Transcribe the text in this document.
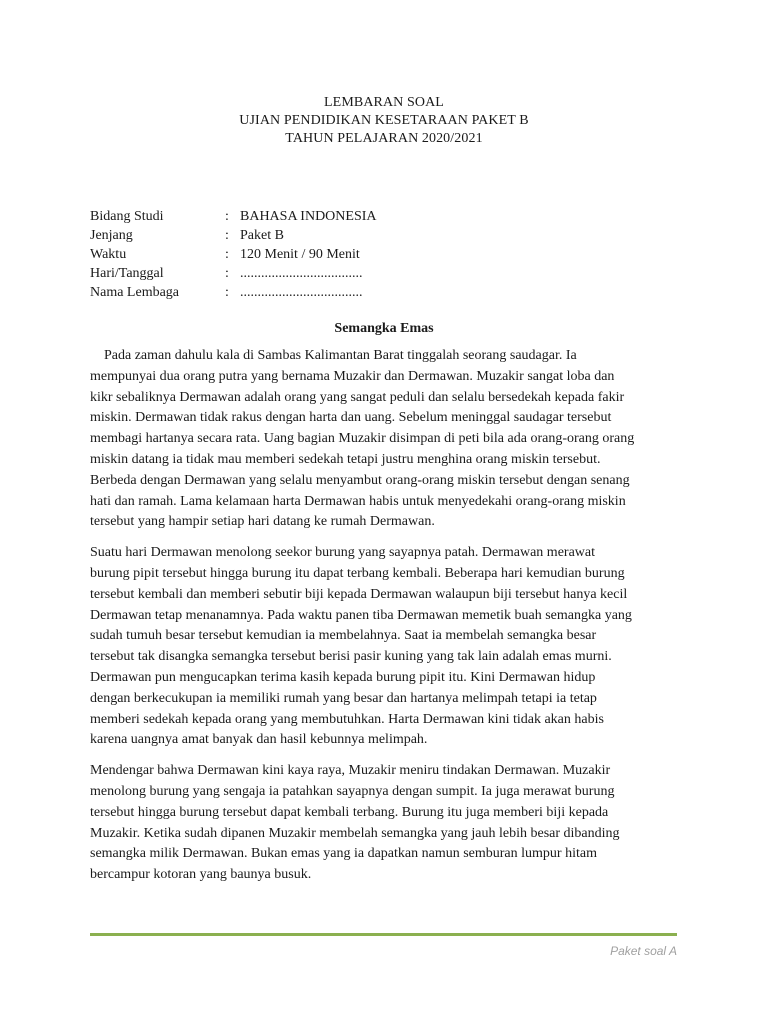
LEMBARAN SOAL
UJIAN PENDIDIKAN KESETARAAN PAKET B
TAHUN PELAJARAN 2020/2021
Bidang Studi	: BAHASA INDONESIA
Jenjang	: Paket B
Waktu	: 120 Menit / 90 Menit
Hari/Tanggal	: ...................................
Nama Lembaga	: ...................................
Semangka Emas

Pada zaman dahulu kala di Sambas Kalimantan Barat tinggalah seorang saudagar. Ia
mempunyai dua orang putra yang bernama Muzakir dan Dermawan. Muzakir sangat loba dan
kikr sebaliknya Dermawan adalah orang yang sangat peduli dan selalu bersedekah kepada fakir
miskin. Dermawan tidak rakus dengan harta dan uang. Sebelum meninggal saudagar tersebut
membagi hartanya secara rata. Uang bagian Muzakir disimpan di peti bila ada orang-orang orang
miskin datang ia tidak mau memberi sedekah tetapi justru menghina orang miskin tersebut.
Berbeda dengan Dermawan yang selalu menyambut orang-orang miskin tersebut dengan senang
hati dan ramah. Lama kelamaan harta Dermawan habis untuk menyedekahi orang-orang miskin
tersebut yang hampir setiap hari datang ke rumah Dermawan.

Suatu hari Dermawan menolong seekor burung yang sayapnya patah. Dermawan merawat
burung pipit tersebut hingga burung itu dapat terbang kembali. Beberapa hari kemudian burung
tersebut kembali dan memberi sebutir biji kepada Dermawan walaupun biji tersebut hanya kecil
Dermawan tetap menanamnya. Pada waktu panen tiba Dermawan memetik buah semangka yang
sudah tumuh besar tersebut kemudian ia membelahnya. Saat ia membelah semangka besar
tersebut tak disangka semangka tersebut berisi pasir kuning yang tak lain adalah emas murni.
Dermawan pun mengucapkan terima kasih kepada burung pipit itu. Kini Dermawan hidup
dengan berkecukupan ia memiliki rumah yang besar dan hartanya melimpah tetapi ia tetap
memberi sedekah kepada orang yang membutuhkan. Harta Dermawan kini tidak akan habis
karena uangnya amat banyak dan hasil kebunnya melimpah.

Mendengar bahwa Dermawan kini kaya raya, Muzakir meniru tindakan Dermawan. Muzakir
menolong burung yang sengaja ia patahkan sayapnya dengan sumpit. Ia juga merawat burung
tersebut hingga burung tersebut dapat kembali terbang. Burung itu juga memberi biji kepada
Muzakir. Ketika sudah dipanen Muzakir membelah semangka yang jauh lebih besar dibanding
semangka milik Dermawan. Bukan emas yang ia dapatkan namun semburan lumpur hitam
bercampur kotoran yang baunya busuk.

Paket soal A
